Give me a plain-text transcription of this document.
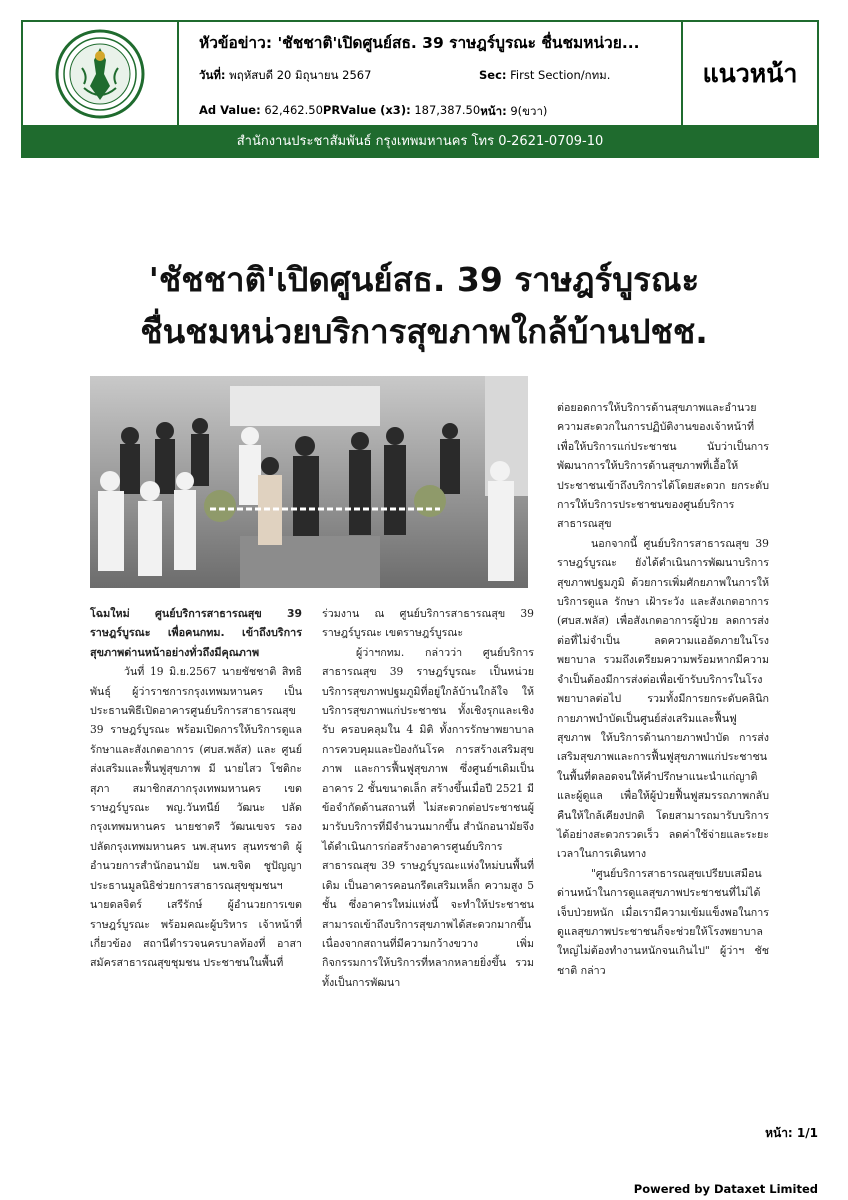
หัวข้อข่าว: 'ชัชชาติ'เปิดศูนย์สธ. 39 ราษฎร์บูรณะ ชื่นชมหน่วย...
วันที่: พฤหัสบดี 20 มิถุนายน 2567	Sec: First Section/กทม.
Ad Value:
62,462.50 PRValue (x3):
187,387.50 หน้า:
9(ขวา)
แนวหน้า
สำนักงานประชาสัมพันธ์ กรุงเทพมหานคร โทร 0-2621-0709-10
'ชัชชาติ'เปิดศูนย์สธ. 39 ราษฎร์บูรณะ
ชื่นชมหน่วยบริการสุขภาพใกล้บ้านปชช.

โฉมใหม่ ศูนย์บริการสาธารณสุข 39 ราษฎร์บูรณะ เพื่อคนกทม. เข้าถึงบริการสุขภาพด่านหน้าอย่างทั่วถึงมีคุณภาพ

วันที่ 19 มิ.ย.2567 นายชัชชาติ สิทธิพันธุ์ ผู้ว่าราชการกรุงเทพมหานคร เป็นประธานพิธีเปิดอาคารศูนย์บริการสาธารณสุข 39 ราษฎร์บูรณะ พร้อมเปิดการให้บริการดูแล รักษาและสังเกตอาการ (ศบส.พลัส) และ ศูนย์ส่งเสริมและฟื้นฟูสุขภาพ มี นายไสว โชติกะสุภา สมาชิกสภากรุงเทพมหานคร เขตราษฎร์บูรณะ พญ.วันทนีย์ วัฒนะ ปลัดกรุงเทพมหานคร นายชาตรี วัฒนเขจร รองปลัดกรุงเทพมหานคร นพ.สุนทร สุนทรชาติ ผู้อำนวยการสำนักอนามัย นพ.ขจิต ชูปัญญา ประธานมูลนิธิช่วยการสาธารณสุขชุมชนฯ นายดลจิตร์ เสรีรักษ์ ผู้อำนวยการเขตราษฎร์บูรณะ พร้อมคณะผู้บริหาร เจ้าหน้าที่เกี่ยวข้อง สถานีตำรวจนครบาลท้องที่ อาสาสมัครสาธารณสุขชุมชน ประชาชนในพื้นที่

ร่วมงาน ณ ศูนย์บริการสาธารณสุข 39 ราษฎร์บูรณะ เขตราษฎร์บูรณะ

ผู้ว่าฯกทม. กล่าวว่า ศูนย์บริการสาธารณสุข 39 ราษฎร์บูรณะ เป็นหน่วยบริการสุขภาพปฐมภูมิที่อยู่ใกล้บ้านใกล้ใจ ให้บริการสุขภาพแก่ประชาชน ทั้งเชิงรุกและเชิงรับ ครอบคลุมใน 4 มิติ ทั้งการรักษาพยาบาล การควบคุมและป้องกันโรค การสร้างเสริมสุขภาพ และการฟื้นฟูสุขภาพ ซึ่งศูนย์ฯเดิมเป็นอาคาร 2 ชั้นขนาดเล็ก สร้างขึ้นเมื่อปี 2521 มีข้อจำกัดด้านสถานที่ ไม่สะดวกต่อประชาชนผู้มารับบริการที่มีจำนวนมากขึ้น สำนักอนามัยจึงได้ดำเนินการก่อสร้างอาคารศูนย์บริการสาธารณสุข 39 ราษฎร์บูรณะแห่งใหม่บนพื้นที่เดิม เป็นอาคารคอนกรีตเสริมเหล็ก ความสูง 5 ชั้น ซึ่งอาคารใหม่แห่งนี้ จะทำให้ประชาชนสามารถเข้าถึงบริการสุขภาพได้สะดวกมากขึ้น เนื่องจากสถานที่มีความกว้างขวาง เพิ่มกิจกรรมการให้บริการที่หลากหลายยิ่งขึ้น รวมทั้งเป็นการพัฒนา

ต่อยอดการให้บริการด้านสุขภาพและอำนวยความสะดวกในการปฏิบัติงานของเจ้าหน้าที่เพื่อให้บริการแก่ประชาชน นับว่าเป็นการพัฒนาการให้บริการด้านสุขภาพที่เอื้อให้ประชาชนเข้าถึงบริการได้โดยสะดวก ยกระดับการให้บริการประชาชนของศูนย์บริการสาธารณสุข

นอกจากนี้ ศูนย์บริการสาธารณสุข 39 ราษฎร์บูรณะ ยังได้ดำเนินการพัฒนาบริการสุขภาพปฐมภูมิ ด้วยการเพิ่มศักยภาพในการให้บริการดูแล รักษา เฝ้าระวัง และสังเกตอาการ (ศบส.พลัส) เพื่อสังเกตอาการผู้ป่วย ลดการส่งต่อที่ไม่จำเป็น ลดความแออัดภายในโรงพยาบาล รวมถึงเตรียมความพร้อมหากมีความจำเป็นต้องมีการส่งต่อเพื่อเข้ารับบริการในโรงพยาบาลต่อไป รวมทั้งมีการยกระดับคลินิกกายภาพบำบัดเป็นศูนย์ส่งเสริมและฟื้นฟูสุขภาพ ให้บริการด้านกายภาพบำบัด การส่งเสริมสุขภาพและการฟื้นฟูสุขภาพแก่ประชาชนในพื้นที่ตลอดจนให้คำปรึกษาแนะนำแก่ญาติและผู้ดูแล เพื่อให้ผู้ป่วยฟื้นฟูสมรรถภาพกลับคืนให้ใกล้เคียงปกติ โดยสามารถมารับบริการได้อย่างสะดวกรวดเร็ว ลดค่าใช้จ่ายและระยะเวลาในการเดินทาง

"ศูนย์บริการสาธารณสุขเปรียบเสมือนด่านหน้าในการดูแลสุขภาพประชาชนที่ไม่ได้เจ็บป่วยหนัก เมื่อเรามีความเข้มแข็งพอในการดูแลสุขภาพประชาชนก็จะช่วยให้โรงพยาบาลใหญ่ไม่ต้องทำงานหนักจนเกินไป" ผู้ว่าฯ ชัชชาติ กล่าว

หน้า: 1/1
Powered by Dataxet Limited
